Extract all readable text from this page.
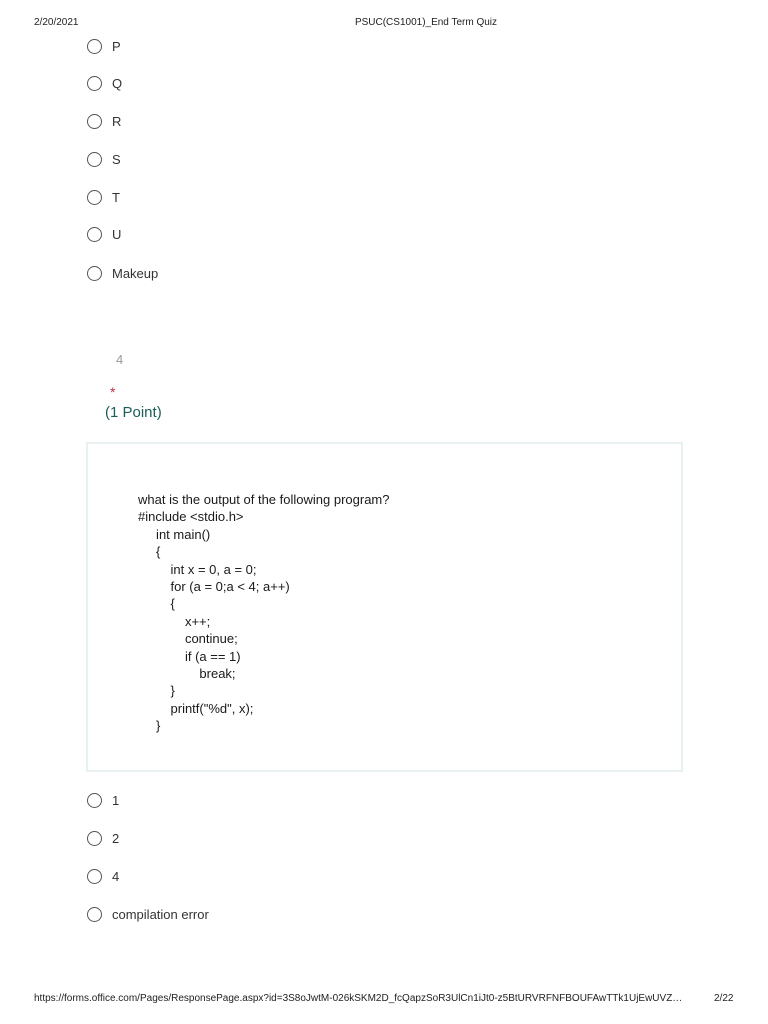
2/20/2021	PSUC(CS1001)_End Term Quiz
P
Q
R
S
T
U
Makeup
4
*
(1 Point)
what is the output of the following program?
#include <stdio.h>
int main()
{
int x = 0, a = 0;
for (a = 0;a < 4; a++)
{
x++;
continue;
if (a == 1)
break;
}
printf("%d", x);
}
1
2
4
compilation error
https://forms.office.com/Pages/ResponsePage.aspx?id=3S8oJwtM-026kSKM2D_fcQapzSoR3UlCn1iJt0-z5BtURVRFNFBOUFAwTTk1UjEwUVZ…	2/22
